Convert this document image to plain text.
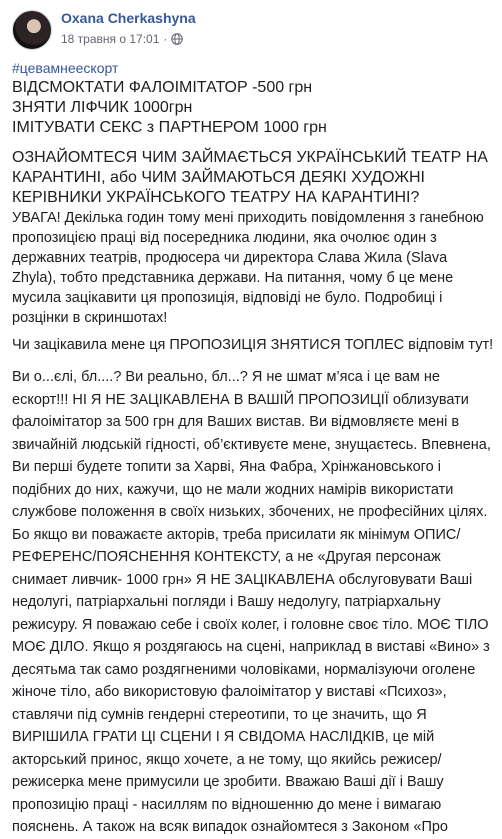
Oxana Cherkashyna
18 травня о 17:01 ·

#цевамнеескорт

ВІДСМОКТАТИ ФАЛОІМІТАТОР -500 грн

ЗНЯТИ ЛІФЧИК 1000грн

ІМІТУВАТИ СЕКС з ПАРТНЕРОМ 1000 грн

ОЗНАЙОМТЕСЯ ЧИМ ЗАЙМАЄТЬСЯ УКРАЇНСЬКИЙ ТЕАТР НА КАРАНТИНІ, або ЧИМ ЗАЙМАЮТЬСЯ ДЕЯКІ ХУДОЖНІ КЕРІВНИКИ УКРАЇНСЬКОГО ТЕАТРУ НА КАРАНТИНІ?

УВАГА! Декілька годин тому мені приходить повідомлення з ганебною пропозицією праці від посередника людини, яка очолює один з державних театрів, продюсера чи директора Слава Жила (Slava Zhyla), тобто представника держави. На питання, чому б це мене мусила зацікавити ця пропозиція, відповіді не було. Подробиці і розцінки в скриншотах!

Чи зацікавила мене ця ПРОПОЗИЦІЯ ЗНЯТИСЯ ТОПЛЕС відповім тут!

Ви о...єлі, бл....? Ви реально, бл...? Я не шмат м’яса і це вам не ескорт!!! НІ Я НЕ ЗАЦІКАВЛЕНА В ВАШІЙ ПРОПОЗИЦІЇ облизувати фалоімітатор за 500 грн для Ваших вистав. Ви відмовляєте мені в звичайній людській гідності, об’єктивуєте мене, знущаєтесь. Впевнена, Ви перші будете топити за Харві, Яна Фабра, Хрінжановського і подібних до них, кажучи, що не мали жодних намірів використати службове положення в своїх низьких, збочених, не професійних цілях. Бо якщо ви поважаєте акторів, треба присилати як мінімум ОПИС/РЕФЕРЕНС/ПОЯСНЕННЯ КОНТЕКСТУ, а не «Другая персонаж снимает ливчик- 1000 грн» Я НЕ ЗАЦІКАВЛЕНА обслуговувати Ваші недолугі, патріархальні погляди і Вашу недолугу, патріархальну режисуру. Я поважаю себе і своїх колег, і головне своє тіло. МОЄ ТІЛО МОЄ ДІЛО. Якщо я роздягаюсь на сцені, наприклад в виставі «Вино» з десятьма так само роздягненими чоловіками, нормалізуючи оголене жіноче тіло, або використовую фалоімітатор у виставі «Психоз», ставлячи під сумнів гендерні стереотипи, то це значить, що Я ВИРІШИЛА ГРАТИ ЦІ СЦЕНИ І Я СВІДОМА НАСЛІДКІВ, це мій акторський принос, якщо хочете, а не тому, що якийсь режисер/режисерка мене примусили це зробити. Вважаю Ваші дії і Вашу пропозицію праці - насиллям по відношенню до мене і вимагаю пояснень. А також на всяк випадок ознайомтеся з Законом «Про
